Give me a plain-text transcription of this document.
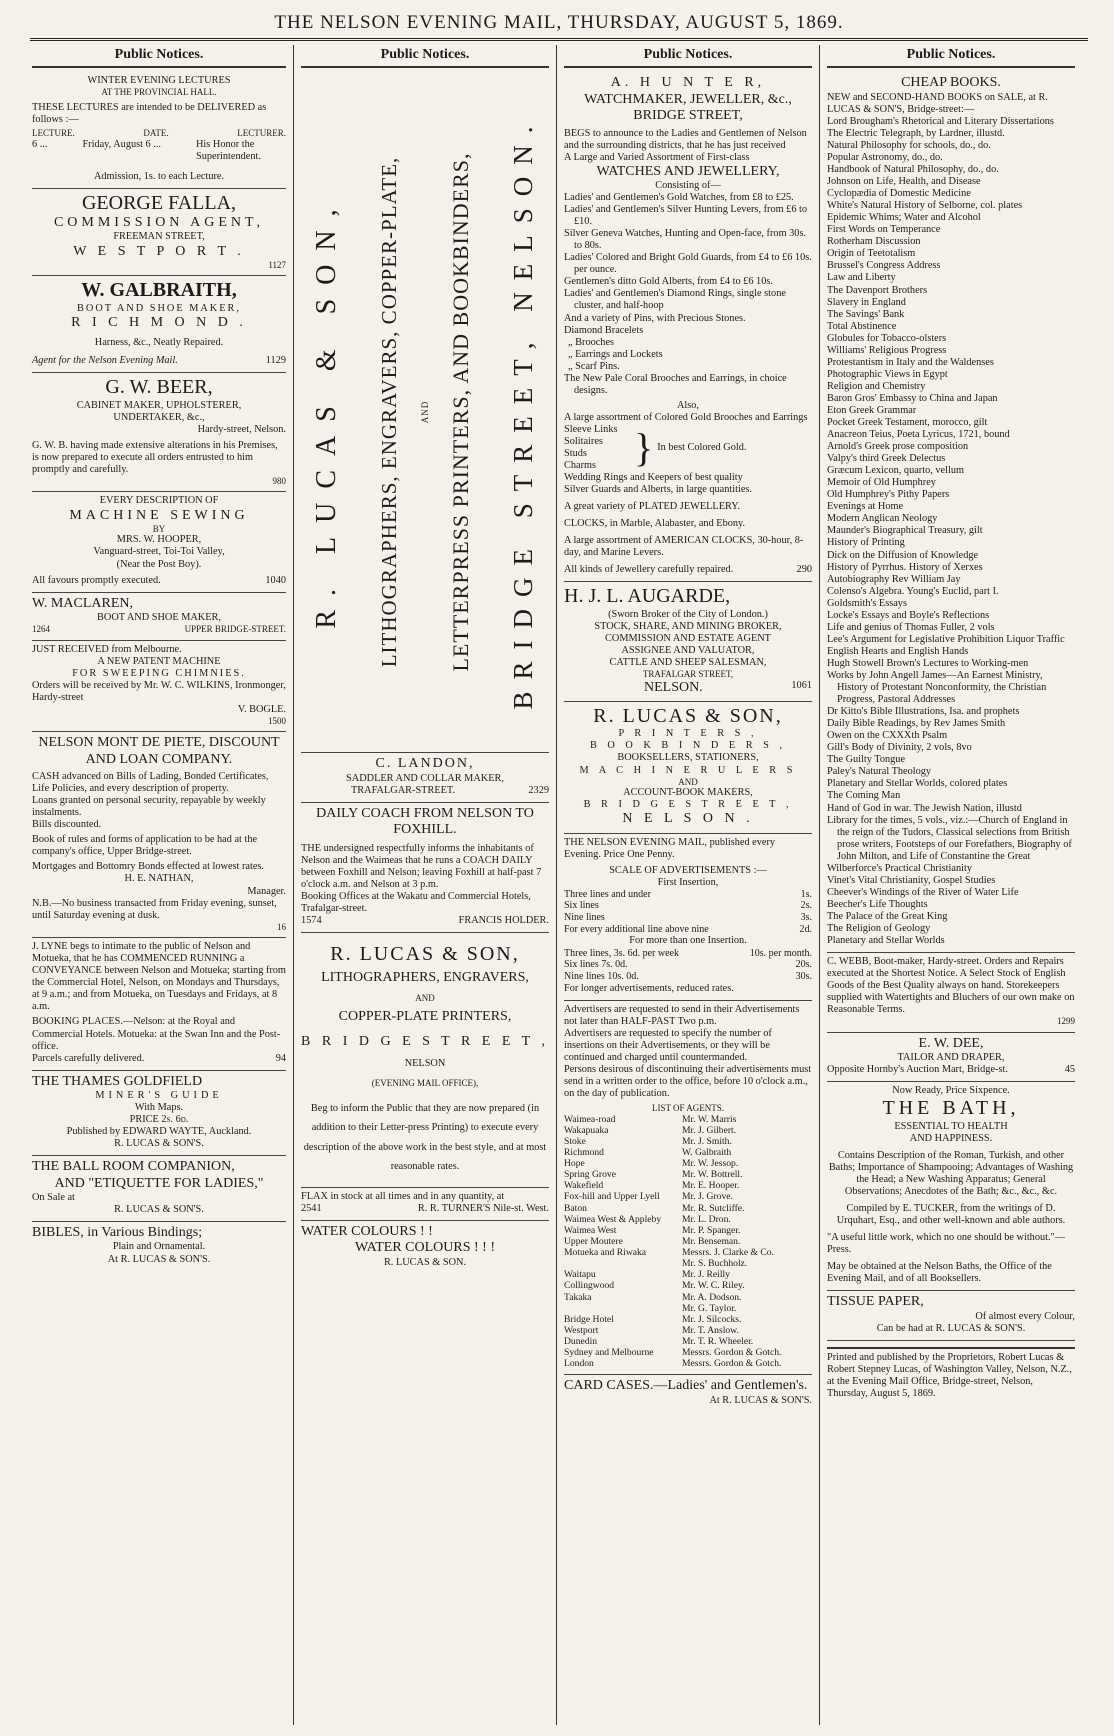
THE NELSON EVENING MAIL, THURSDAY, AUGUST 5, 1869.
Public Notices.
WINTER EVENING LECTURES
AT THE PROVINCIAL HALL.
THESE LECTURES are intended to be DELIVERED as follows :—
LECTURE.	DATE.	LECTURER.
6 ...	Friday, August 6 ...	His Honor the Superintendent.
Admission, 1s. to each Lecture.
GEORGE FALLA,
COMMISSION AGENT,
FREEMAN STREET,
W E S T P O R T .
1127
W. GALBRAITH,
BOOT AND SHOE MAKER,
R I C H M O N D .
Harness, &c., Neatly Repaired.
Agent for the Nelson Evening Mail.	1129
G. W. BEER,
CABINET MAKER, UPHOLSTERER,
UNDERTAKER, &c.,
Hardy-street, Nelson.
G. W. B. having made extensive alterations in his Premises, is now prepared to execute all orders entrusted to him promptly and carefully.
980
EVERY DESCRIPTION OF
MACHINE SEWING
BY
MRS. W. HOOPER,
Vanguard-street, Toi-Toi Valley,
(Near the Post Boy).
All favours promptly executed.	1040
W. MACLAREN,
BOOT AND SHOE MAKER,
1264	UPPER BRIDGE-STREET.
JUST RECEIVED from Melbourne.
A NEW PATENT MACHINE
FOR SWEEPING CHIMNIES.
Orders will be received by Mr. W. C. WILKINS, Ironmonger, Hardy-street
V. BOGLE.
1500
NELSON MONT DE PIETE, DISCOUNT AND LOAN COMPANY.
CASH advanced on Bills of Lading, Bonded Certificates, Life Policies, and every description of property.
Loans granted on personal security, repayable by weekly instalments.
Bills discounted.
Book of rules and forms of application to be had at the company's office, Upper Bridge-street.
Mortgages and Bottomry Bonds effected at lowest rates.
H. E. NATHAN,
Manager.
N.B.—No business transacted from Friday evening, sunset, until Saturday evening at dusk.
16
J. LYNE begs to intimate to the public of Nelson and Motueka, that he has COMMENCED RUNNING a CONVEYANCE between Nelson and Motueka; starting from the Commercial Hotel, Nelson, on Mondays and Thursdays, at 9 a.m.; and from Motueka, on Tuesdays and Fridays, at 8 a.m.
BOOKING PLACES.—Nelson: at the Royal and Commercial Hotels. Motueka: at the Swan Inn and the Post-office.
Parcels carefully delivered.	94
THE THAMES GOLDFIELD
MINER'S GUIDE
With Maps.
PRICE 2s. 6d.
Published by EDWARD WAYTE, Auckland.
R. LUCAS & SON'S.
THE BALL ROOM COMPANION,
AND "ETIQUETTE FOR LADIES,"
On Sale at
R. LUCAS & SON'S.
BIBLES, in Various Bindings;
Plain and Ornamental.
At R. LUCAS & SON'S.
Public Notices.
R. LUCAS & SON,	LITHOGRAPHERS, ENGRAVERS, COPPER-PLATE,	AND LETTERPRESS PRINTERS, AND BOOKBINDERS,	BRIDGE STREET, NELSON.
C. LANDON,
SADDLER AND COLLAR MAKER,
TRAFALGAR-STREET.	2329
DAILY COACH FROM NELSON TO FOXHILL.
THE undersigned respectfully informs the inhabitants of Nelson and the Waimeas that he runs a COACH DAILY between Foxhill and Nelson; leaving Foxhill at half-past 7 o'clock a.m. and Nelson at 3 p.m.
Booking Offices at the Wakatu and Commercial Hotels, Trafalgar-street.
1574	FRANCIS HOLDER.
R. LUCAS & SON,
LITHOGRAPHERS, ENGRAVERS,
AND
COPPER-PLATE PRINTERS,
B R I D G E S T R E E T ,
NELSON
(EVENING MAIL OFFICE),
Beg to inform the Public that they are now prepared (in addition to their Letter-press Printing) to execute every description of the above work in the best style, and at most reasonable rates.
FLAX in stock at all times and in any quantity, at
2541	R. R. TURNER'S Nile-st. West.
WATER COLOURS ! !
WATER COLOURS ! ! !
R. LUCAS & SON.
Public Notices.
A. H U N T E R,
WATCHMAKER, JEWELLER, &c.,
BRIDGE STREET,
BEGS to announce to the Ladies and Gentlemen of Nelson and the surrounding districts, that he has just received
A Large and Varied Assortment of First-class
WATCHES AND JEWELLERY,
Consisting of—
Ladies' and Gentlemen's Gold Watches, from £8 to £25.
Ladies' and Gentlemen's Silver Hunting Levers, from £6 to £10.
Silver Geneva Watches, Hunting and Open-face, from 30s. to 80s.
Ladies' Colored and Bright Gold Guards, from £4 to £6 10s. per ounce.
Gentlemen's ditto Gold Alberts, from £4 to £6 10s.
Ladies' and Gentlemen's Diamond Rings, single stone cluster, and half-hoop
And a variety of Pins, with Precious Stones.
Diamond Bracelets
„ Brooches
„ Earrings and Lockets
„ Scarf Pins.
The New Pale Coral Brooches and Earrings, in choice designs.
Also,
A large assortment of Colored Gold Brooches and Earrings
Sleeve Links
Solitaires
Studs
Charms } In best Colored Gold.
Wedding Rings and Keepers of best quality
Silver Guards and Alberts, in large quantities.
A great variety of PLATED JEWELLERY.
CLOCKS, in Marble, Alabaster, and Ebony.
A large assortment of AMERICAN CLOCKS, 30-hour, 8-day, and Marine Levers.
All kinds of Jewellery carefully repaired.	290
H. J. L. AUGARDE,
(Sworn Broker of the City of London.)
STOCK, SHARE, AND MINING BROKER,
COMMISSION AND ESTATE AGENT
ASSIGNEE AND VALUATOR,
CATTLE AND SHEEP SALESMAN,
TRAFALGAR STREET,
NELSON.	1061
R. LUCAS & SON,
P R I N T E R S ,
B O O K B I N D E R S ,
BOOKSELLERS, STATIONERS,
M A C H I N E R U L E R S
AND
ACCOUNT-BOOK MAKERS,
B R I D G E S T R E E T ,
N E L S O N .
THE NELSON EVENING MAIL, published every Evening. Price One Penny.
SCALE OF ADVERTISEMENTS :—
First Insertion,
Three lines and under	1s.
Six lines	2s.
Nine lines	3s.
For every additional line above nine	2d.
For more than one Insertion.
Three lines, 3s. 6d. per week	10s. per month.
Six lines 7s. 0d.	20s.
Nine lines 10s. 0d.	30s.
For longer advertisements, reduced rates.
Advertisers are requested to send in their Advertisements not later than HALF-PAST Two p.m.
Advertisers are requested to specify the number of insertions on their Advertisements, or they will be continued and charged until countermanded.
Persons desirous of discontinuing their advertisements must send in a written order to the office, before 10 o'clock a.m., on the day of publication.
LIST OF AGENTS.
Waimea-road	Mr. W. Marris
Wakapuaka	Mr. J. Gilbert.
Stoke	Mr. J. Smith.
Richmond	W. Galbraith
Hope	Mr. W. Jessop.
Spring Grove	Mr. W. Bottrell.
Wakefield	Mr. E. Hooper.
Fox-hill and Upper Lyell	Mr. J. Grove.
Baton	Mr. R. Sutcliffe.
Waimea West & Appleby	Mr. L. Dron.
Waimea West	Mr. P. Spanger.
Upper Moutere	Mr. Benseman.
Motueka and Riwaka	Messrs. J. Clarke & Co.
Mr. S. Buchholz.
Waitapu	Mr. J. Reilly
Collingwood	Mr. W. C. Riley.
Takaka	Mr. A. Dodson.
Mr. G. Taylor.
Bridge Hotel	Mr. J. Silcocks.
Westport	Mr. T. Anslow.
Dunedin	Mr. T. R. Wheeler.
Sydney and Melbourne	Messrs. Gordon & Gotch.
London	Messrs. Gordon & Gotch.
CARD CASES.—Ladies' and Gentlemen's.
At R. LUCAS & SON'S.
Public Notices.
CHEAP BOOKS.
NEW and SECOND-HAND BOOKS on SALE, at R. LUCAS & SON'S, Bridge-street:—
Lord Brougham's Rhetorical and Literary Dissertations
The Electric Telegraph, by Lardner, illustd.
Natural Philosophy for schools, do., do.
Popular Astronomy, do., do.
Handbook of Natural Philosophy, do., do.
Johnson on Life, Health, and Disease
Cyclopædia of Domestic Medicine
White's Natural History of Selborne, col. plates
Epidemic Whims; Water and Alcohol
First Words on Temperance
Rotherham Discussion
Origin of Teetotalism
Brussel's Congress Address
Law and Liberty
The Davenport Brothers
Slavery in England
The Savings' Bank
Total Abstinence
Globules for Tobacco-olsters
Williams' Religious Progress
Protestantism in Italy and the Waldenses
Photographic Views in Egypt
Religion and Chemistry
Baron Gros' Embassy to China and Japan
Eton Greek Grammar
Pocket Greek Testament, morocco, gilt
Anacreon Teius, Poeta Lyricus, 1721, bound
Arnold's Greek prose composition
Valpy's third Greek Delectus
Græcum Lexicon, quarto, vellum
Memoir of Old Humphrey
Old Humphrey's Pithy Papers
Evenings at Home
Modern Anglican Neology
Maunder's Biographical Treasury, gilt
History of Printing
Dick on the Diffusion of Knowledge
History of Pyrrhus. History of Xerxes
Autobiography Rev William Jay
Colenso's Algebra. Young's Euclid, part I.
Goldsmith's Essays
Locke's Essays and Boyle's Reflections
Life and genius of Thomas Fuller, 2 vols
Lee's Argument for Legislative Prohibition Liquor Traffic
English Hearts and English Hands
Hugh Stowell Brown's Lectures to Working-men
Works by John Angell James—An Earnest Ministry, History of Protestant Nonconformity, the Christian Progress, Pastoral Addresses
Dr Kitto's Bible Illustrations, Isa. and prophets
Daily Bible Readings, by Rev James Smith
Owen on the CXXXth Psalm
Gill's Body of Divinity, 2 vols, 8vo
The Guilty Tongue
Paley's Natural Theology
Planetary and Stellar Worlds, colored plates
The Coming Man
Hand of God in war. The Jewish Nation, illustd
Library for the times, 5 vols., viz.:—Church of England in the reign of the Tudors, Classical selections from British prose writers, Footsteps of our Forefathers, Biography of John Milton, and Life of Constantine the Great
Wilberforce's Practical Christianity
Vinet's Vital Christianity, Gospel Studies
Cheever's Windings of the River of Water Life
Beecher's Life Thoughts
The Palace of the Great King
The Religion of Geology
Planetary and Stellar Worlds
C. WEBB, Boot-maker, Hardy-street. Orders and Repairs executed at the Shortest Notice. A Select Stock of English Goods of the Best Quality always on hand. Storekeepers supplied with Watertights and Bluchers of our own make on Reasonable Terms.
1299
E. W. DEE,
TAILOR AND DRAPER,
Opposite Hornby's Auction Mart, Bridge-st.	45
Now Ready, Price Sixpence.
THE BATH,
ESSENTIAL TO HEALTH
AND HAPPINESS.
Contains Description of the Roman, Turkish, and other Baths; Importance of Shampooing; Advantages of Washing the Head; a New Washing Apparatus; General Observations; Anecdotes of the Bath; &c., &c., &c.
Compiled by E. TUCKER, from the writings of D. Urquhart, Esq., and other well-known and able authors.
"A useful little work, which no one should be without."—Press.
May be obtained at the Nelson Baths, the Office of the Evening Mail, and of all Booksellers.
TISSUE PAPER,
Of almost every Colour,
Can be had at R. LUCAS & SON'S.
Printed and published by the Proprietors, Robert Lucas & Robert Stepney Lucas, of Washington Valley, Nelson, N.Z., at the Evening Mail Office, Bridge-street, Nelson, Thursday, August 5, 1869.
